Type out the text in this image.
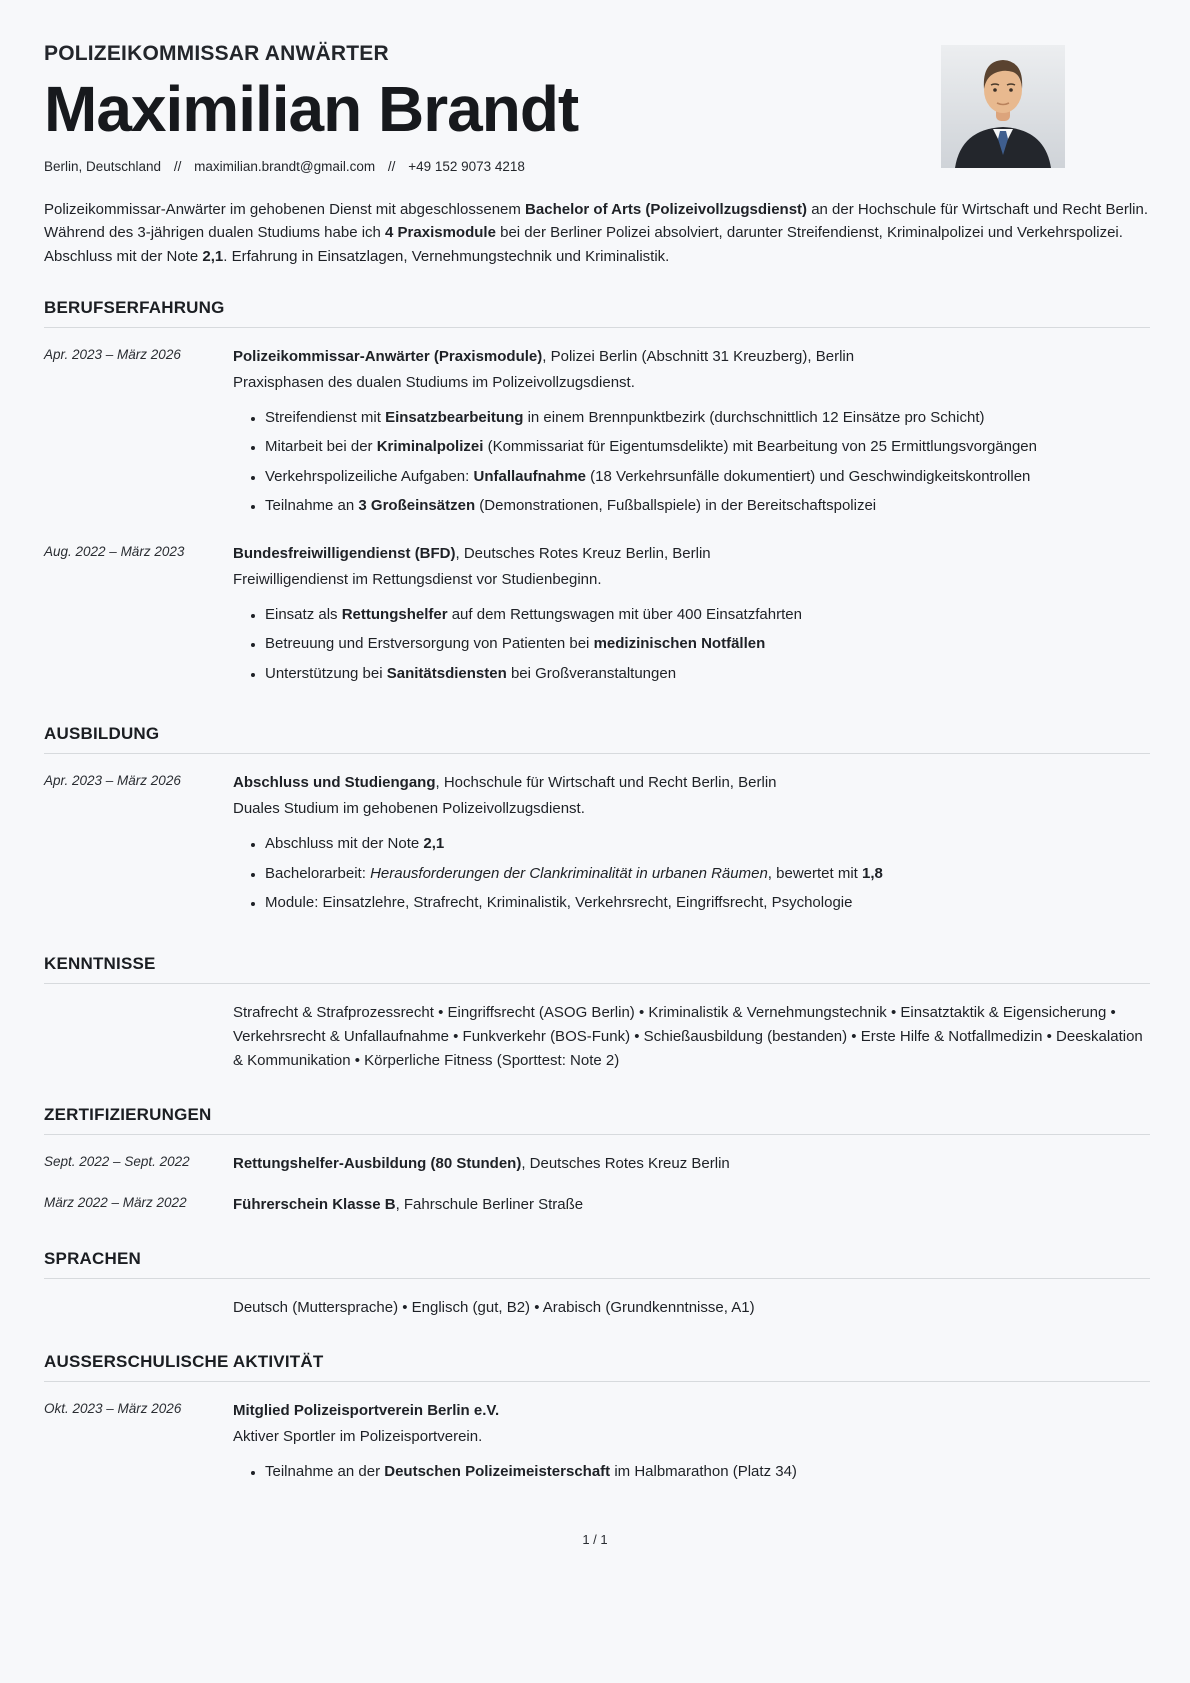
POLIZEIKOMMISSAR ANWÄRTER
Maximilian Brandt
Berlin, Deutschland // maximilian.brandt@gmail.com // +49 152 9073 4218

Polizeikommissar-Anwärter im gehobenen Dienst mit abgeschlossenem Bachelor of Arts (Polizeivollzugsdienst) an der Hochschule für Wirtschaft und Recht Berlin. Während des 3-jährigen dualen Studiums habe ich 4 Praxismodule bei der Berliner Polizei absolviert, darunter Streifendienst, Kriminalpolizei und Verkehrspolizei. Abschluss mit der Note 2,1. Erfahrung in Einsatzlagen, Vernehmungstechnik und Kriminalistik.

BERUFSERFAHRUNG
Apr. 2023 – März 2026	Polizeikommissar-Anwärter (Praxismodule), Polizei Berlin (Abschnitt 31 Kreuzberg), Berlin
Praxisphasen des dualen Studiums im Polizeivollzugsdienst.
• Streifendienst mit Einsatzbearbeitung in einem Brennpunktbezirk (durchschnittlich 12 Einsätze pro Schicht)
• Mitarbeit bei der Kriminalpolizei (Kommissariat für Eigentumsdelikte) mit Bearbeitung von 25 Ermittlungsvorgängen
• Verkehrspolizeiliche Aufgaben: Unfallaufnahme (18 Verkehrsunfälle dokumentiert) und Geschwindigkeitskontrollen
• Teilnahme an 3 Großeinsätzen (Demonstrationen, Fußballspiele) in der Bereitschaftspolizei
Aug. 2022 – März 2023	Bundesfreiwilligendienst (BFD), Deutsches Rotes Kreuz Berlin, Berlin
Freiwilligendienst im Rettungsdienst vor Studienbeginn.
• Einsatz als Rettungshelfer auf dem Rettungswagen mit über 400 Einsatzfahrten
• Betreuung und Erstversorgung von Patienten bei medizinischen Notfällen
• Unterstützung bei Sanitätsdiensten bei Großveranstaltungen
AUSBILDUNG
Apr. 2023 – März 2026	Abschluss und Studiengang, Hochschule für Wirtschaft und Recht Berlin, Berlin
Duales Studium im gehobenen Polizeivollzugsdienst.
• Abschluss mit der Note 2,1
• Bachelorarbeit: Herausforderungen der Clankriminalität in urbanen Räumen, bewertet mit 1,8
• Module: Einsatzlehre, Strafrecht, Kriminalistik, Verkehrsrecht, Eingriffsrecht, Psychologie
KENNTNISSE
Strafrecht & Strafprozessrecht • Eingriffsrecht (ASOG Berlin) • Kriminalistik & Vernehmungstechnik • Einsatztaktik & Eigensicherung • Verkehrsrecht & Unfallaufnahme • Funkverkehr (BOS-Funk) • Schießausbildung (bestanden) • Erste Hilfe & Notfallmedizin • Deeskalation & Kommunikation • Körperliche Fitness (Sporttest: Note 2)
ZERTIFIZIERUNGEN
Sept. 2022 – Sept. 2022	Rettungshelfer-Ausbildung (80 Stunden), Deutsches Rotes Kreuz Berlin
März 2022 – März 2022	Führerschein Klasse B, Fahrschule Berliner Straße
SPRACHEN
Deutsch (Muttersprache) • Englisch (gut, B2) • Arabisch (Grundkenntnisse, A1)
AUSSERSCHULISCHE AKTIVITÄT
Okt. 2023 – März 2026	Mitglied Polizeisportverein Berlin e.V.
Aktiver Sportler im Polizeisportverein.
• Teilnahme an der Deutschen Polizeimeisterschaft im Halbmarathon (Platz 34)
1 / 1
